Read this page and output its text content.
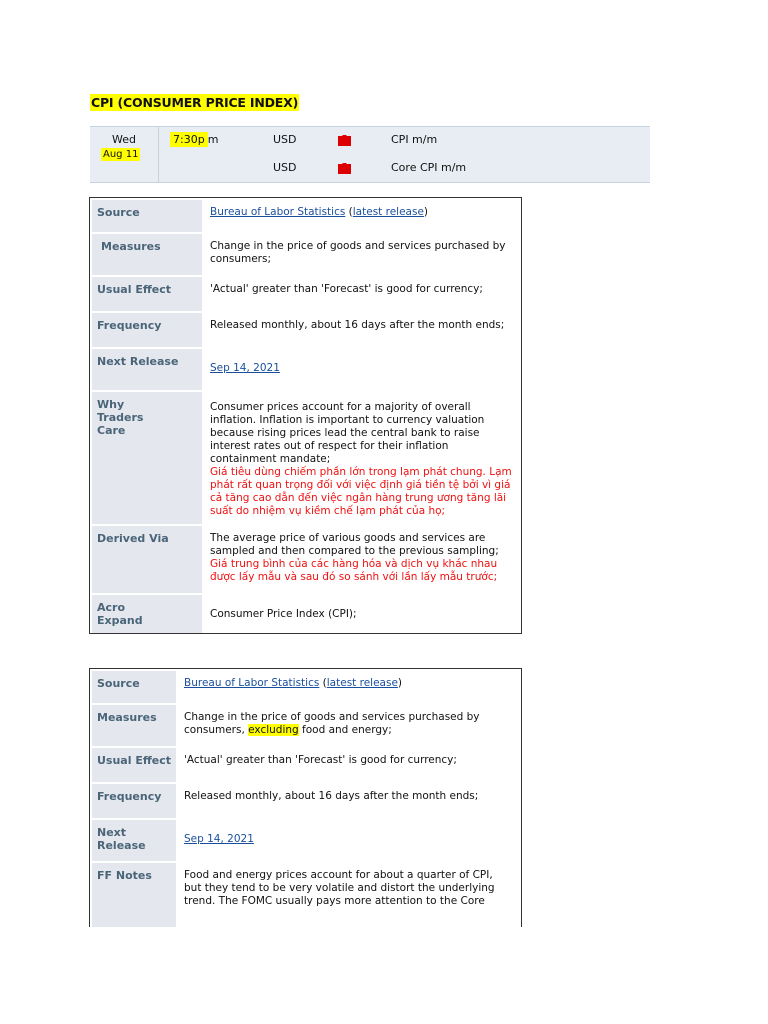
CPI (CONSUMER PRICE INDEX)
Wed
Aug 11
7:30p m	USD	CPI m/m
USD	Core CPI m/m
Source	Bureau of Labor Statistics (latest release)
Measures	Change in the price of goods and services purchased by consumers;
Usual Effect	'Actual' greater than 'Forecast' is good for currency;
Frequency	Released monthly, about 16 days after the month ends;
Next Release	Sep 14, 2021
Why Traders Care	Consumer prices account for a majority of overall inflation. Inflation is important to currency valuation because rising prices lead the central bank to raise interest rates out of respect for their inflation containment mandate;
Giá tiêu dùng chiếm phần lớn trong lạm phát chung. Lạm phát rất quan trọng đối với việc định giá tiền tệ bởi vì giá cả tăng cao dẫn đến việc ngân hàng trung ương tăng lãi suất do nhiệm vụ kiềm chế lạm phát của họ;
Derived Via	The average price of various goods and services are sampled and then compared to the previous sampling;
Giá trung bình của các hàng hóa và dịch vụ khác nhau được lấy mẫu và sau đó so sánh với lần lấy mẫu trước;
Acro Expand	Consumer Price Index (CPI);
Source	Bureau of Labor Statistics (latest release)
Measures	Change in the price of goods and services purchased by consumers, excluding food and energy;
Usual Effect	'Actual' greater than 'Forecast' is good for currency;
Frequency	Released monthly, about 16 days after the month ends;
Next Release	Sep 14, 2021
FF Notes	Food and energy prices account for about a quarter of CPI, but they tend to be very volatile and distort the underlying trend. The FOMC usually pays more attention to the Core
